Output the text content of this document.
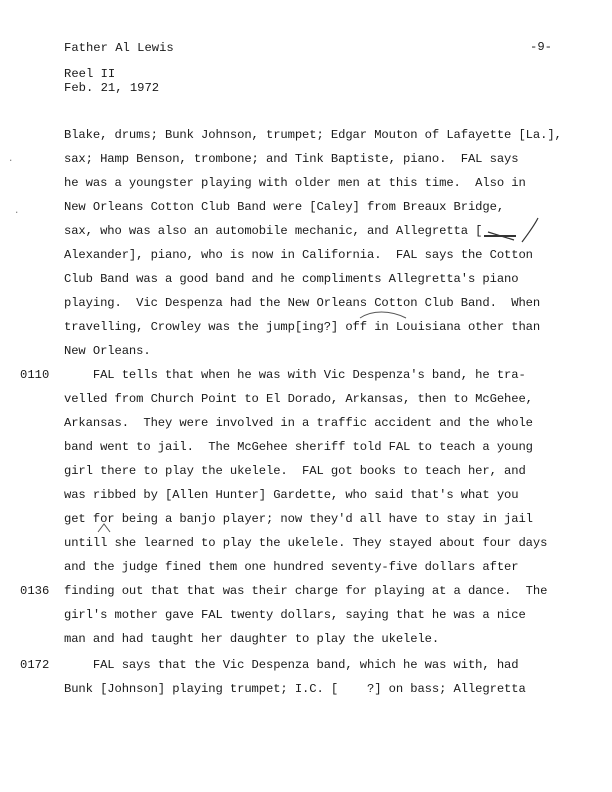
Father Al Lewis	-9-
Reel II
Feb. 21, 1972
Blake, drums; Bunk Johnson, trumpet; Edgar Mouton of Lafayette [La.],
sax; Hamp Benson, trombone; and Tink Baptiste, piano.  FAL says
he was a youngster playing with older men at this time.  Also in
New Orleans Cotton Club Band were [Caley] from Breaux Bridge,
sax, who was also an automobile mechanic, and Allegretta [
Alexander], piano, who is now in California.  FAL says the Cotton
Club Band was a good band and he compliments Allegretta's piano
playing.  Vic Despenza had the New Orleans Cotton Club Band.  When
travelling, Crowley was the jump[ing?] off in Louisiana other than
New Orleans.
0110 FAL tells that when he was with Vic Despenza's band, he tra-
velled from Church Point to El Dorado, Arkansas, then to McGehee,
Arkansas.  They were involved in a traffic accident and the whole
band went to jail.  The McGehee sheriff told FAL to teach a young
girl there to play the ukelele.  FAL got books to teach her, and
was ribbed by [Allen Hunter] Gardette, who said that's what you
get for being a banjo player; now they'd all have to stay in jail
untill she learned to play the ukelele. They stayed about four days
and the judge fined them one hundred seventy-five dollars after
0136 finding out that that was their charge for playing at a dance.  The
girl's mother gave FAL twenty dollars, saying that he was a nice
man and had taught her daughter to play the ukelele.
0172 FAL says that the Vic Despenza band, which he was with, had
Bunk [Johnson] playing trumpet; I.C. [    ?] on bass; Allegretta
·
·
